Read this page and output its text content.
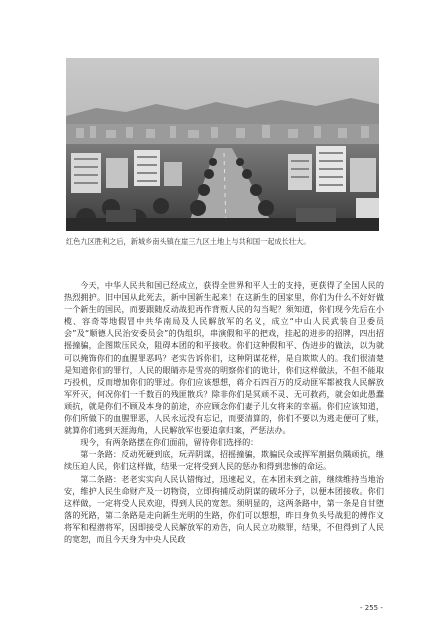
红色九区胜利之后，新城乡南头镇在崖三九区土地上与共和国一起成长壮大。

今天，中华人民共和国已经成立，获得全世界和平人士的支持，更获得了全国人民的热烈拥护。旧中国从此死去，新中国新生起来！在这新生的国家里，你们为什么不好好做一个新生的国民，而要跟随反动战犯再作背叛人民的勾当呢？须知道，你们现今先后在小榄、容奇等地假冒中共华南局及人民解放军的名义，成立“中山人民武装自卫委员会”及“顺德人民治安委员会”的伪组织，串演假和平的把戏，挂起的进步的招牌，四出招摇撞骗，企图欺压民众，阻碍本团的和平接收。你们这种假和平、伪进步的做法，以为就可以掩饰你们的血腥罪恶吗？老实告诉你们，这种阴谋花样，是自欺欺人的。我们很清楚是知道你们的罪行，人民的眼睛亦是雪亮的明察你们的诡计，你们这样做法，不但不能取巧投机，反而增加你们的罪过。你们应该想想，蒋介石四百万的反动匪军都被我人民解放军歼灭，何况你们一千数百的残匪散兵？除非你们是冥顽不灵、无可救药，就会如此愚蠢顽抗，就是你们不顾及本身的前途，亦应顾念你们妻子儿女将来的幸福。你们应该知道，你们所做下的血腥罪恶，人民永远没有忘记，而要清算的，你们不要以为逃走便可了账，就算你们逃到天涯海角，人民解放军也要追拿归案，严惩法办。

现今，有两条路摆在你们面前，留待你们选择的：

第一条路：反动死硬到底，玩弄阴谋，招摇撞骗，欺骗民众或挥军割据负隅顽抗，继续压迫人民，你们这样做，结果一定将受到人民的惩办和得到悲惨的命运。

第二条路：老老实实向人民认错悔过，迅速起义，在本团未到之前，继续维持当地治安，维护人民生命财产及一切物资，立即拘捕反动阴谋的破坏分子，以便本团接收。你们这样做，一定将受人民欢迎，得到人民的宽恕。须明显的，这两条路中，第一条是自甘堕落的死路，第二条路是走向新生光明的生路，你们可以想想，昨日身负头号战犯的傅作义将军和程潜将军，因即接受人民解放军的劝告，向人民立功赎罪，结果，不但得到了人民的宽恕，而且今天身为中央人民政

- 255 -
